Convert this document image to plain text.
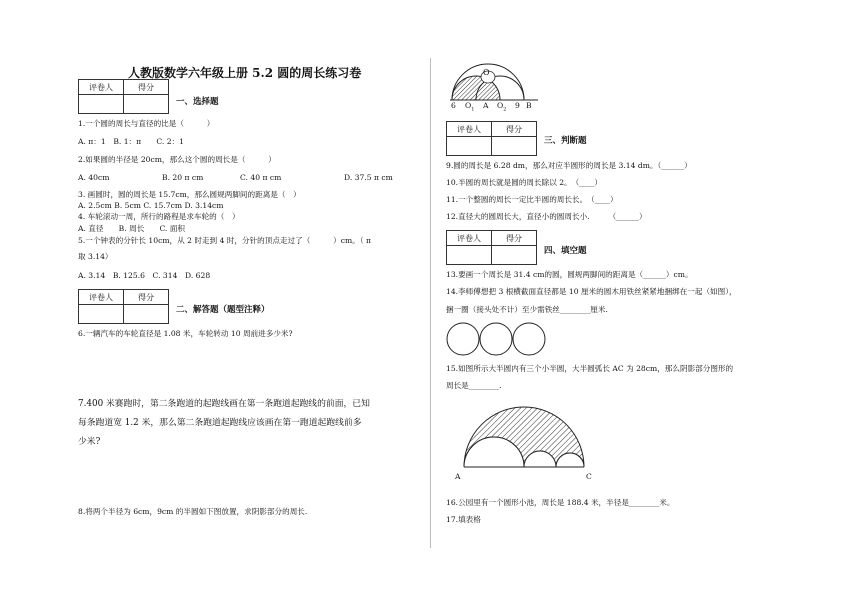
人教版数学六年级上册 5.2 圆的周长练习卷
评卷人	得分

一、选择题
1.一个圆的周长与直径的比是（　　　）
A. π：1　B. 1：π　　C. 2：1
2.如果圆的半径是 20cm，那么这个圆的周长是（　　　）
A. 40cm	B. 20 π cm	C. 40 π cm	D. 37.5 π cm
3. 画圆时，圆的周长是 15.7cm，那么圆规两脚间的距离是（　）
A. 2.5cm B. 5cm C. 15.7cm D. 3.14cm
4. 车轮滚动一周，所行的路程是求车轮的（　）
A. 直径　　B. 周长　　C. 面积
5.一个钟表的分针长 10cm，从 2 时走到 4 时，分针的顶点走过了（　　　）cm。（ π
取 3.14）
A. 3.14　B. 125.6　C. 314　D. 628
评卷人	得分

二、解答题（题型注释）
6.一辆汽车的车轮直径是 1.08 米，车轮转动 10 周前进多少米?
7.400 米赛跑时，第二条跑道的起跑线画在第一条跑道起跑线的前面，已知
每条跑道宽 1.2 米，那么第二条跑道起跑线应该画在第一跑道起跑线前多
少米?
8.将两个半径为 6cm，9cm 的半圆如下图放置，求阴影部分的周长.
O
6 $O_1$ A $O_2$ 9 B
评卷人	得分

三、判断题
9.圆的周长是 6.28 dm，那么对应半圆形的周长是 3.14 dm。（______）
10.半圆的周长就是圆的周长除以 2。　（____）
11.一个整圆的周长一定比半圆的周长长。　（____）
12.直径大的圆周长大，直径小的圆周长小.　　　（______）
评卷人	得分

四、填空题
13.要画一个周长是 31.4 cm的圆，圆规两脚间的距离是（______）cm。
14.李师傅想把 3 根横截面直径都是 10 厘米的圆木用铁丝紧紧地捆绑在一起（如图），
捆一圈（接头处不计）至少需铁丝________厘米.
15.如图所示大半圆内有三个小半圆，大半圆弧长 AC 为 28cm，那么阴影部分图形的
周长是________.
A	C
16.公园里有一个圆形小池，周长是 188.4 米，半径是________米。
17.填表格
